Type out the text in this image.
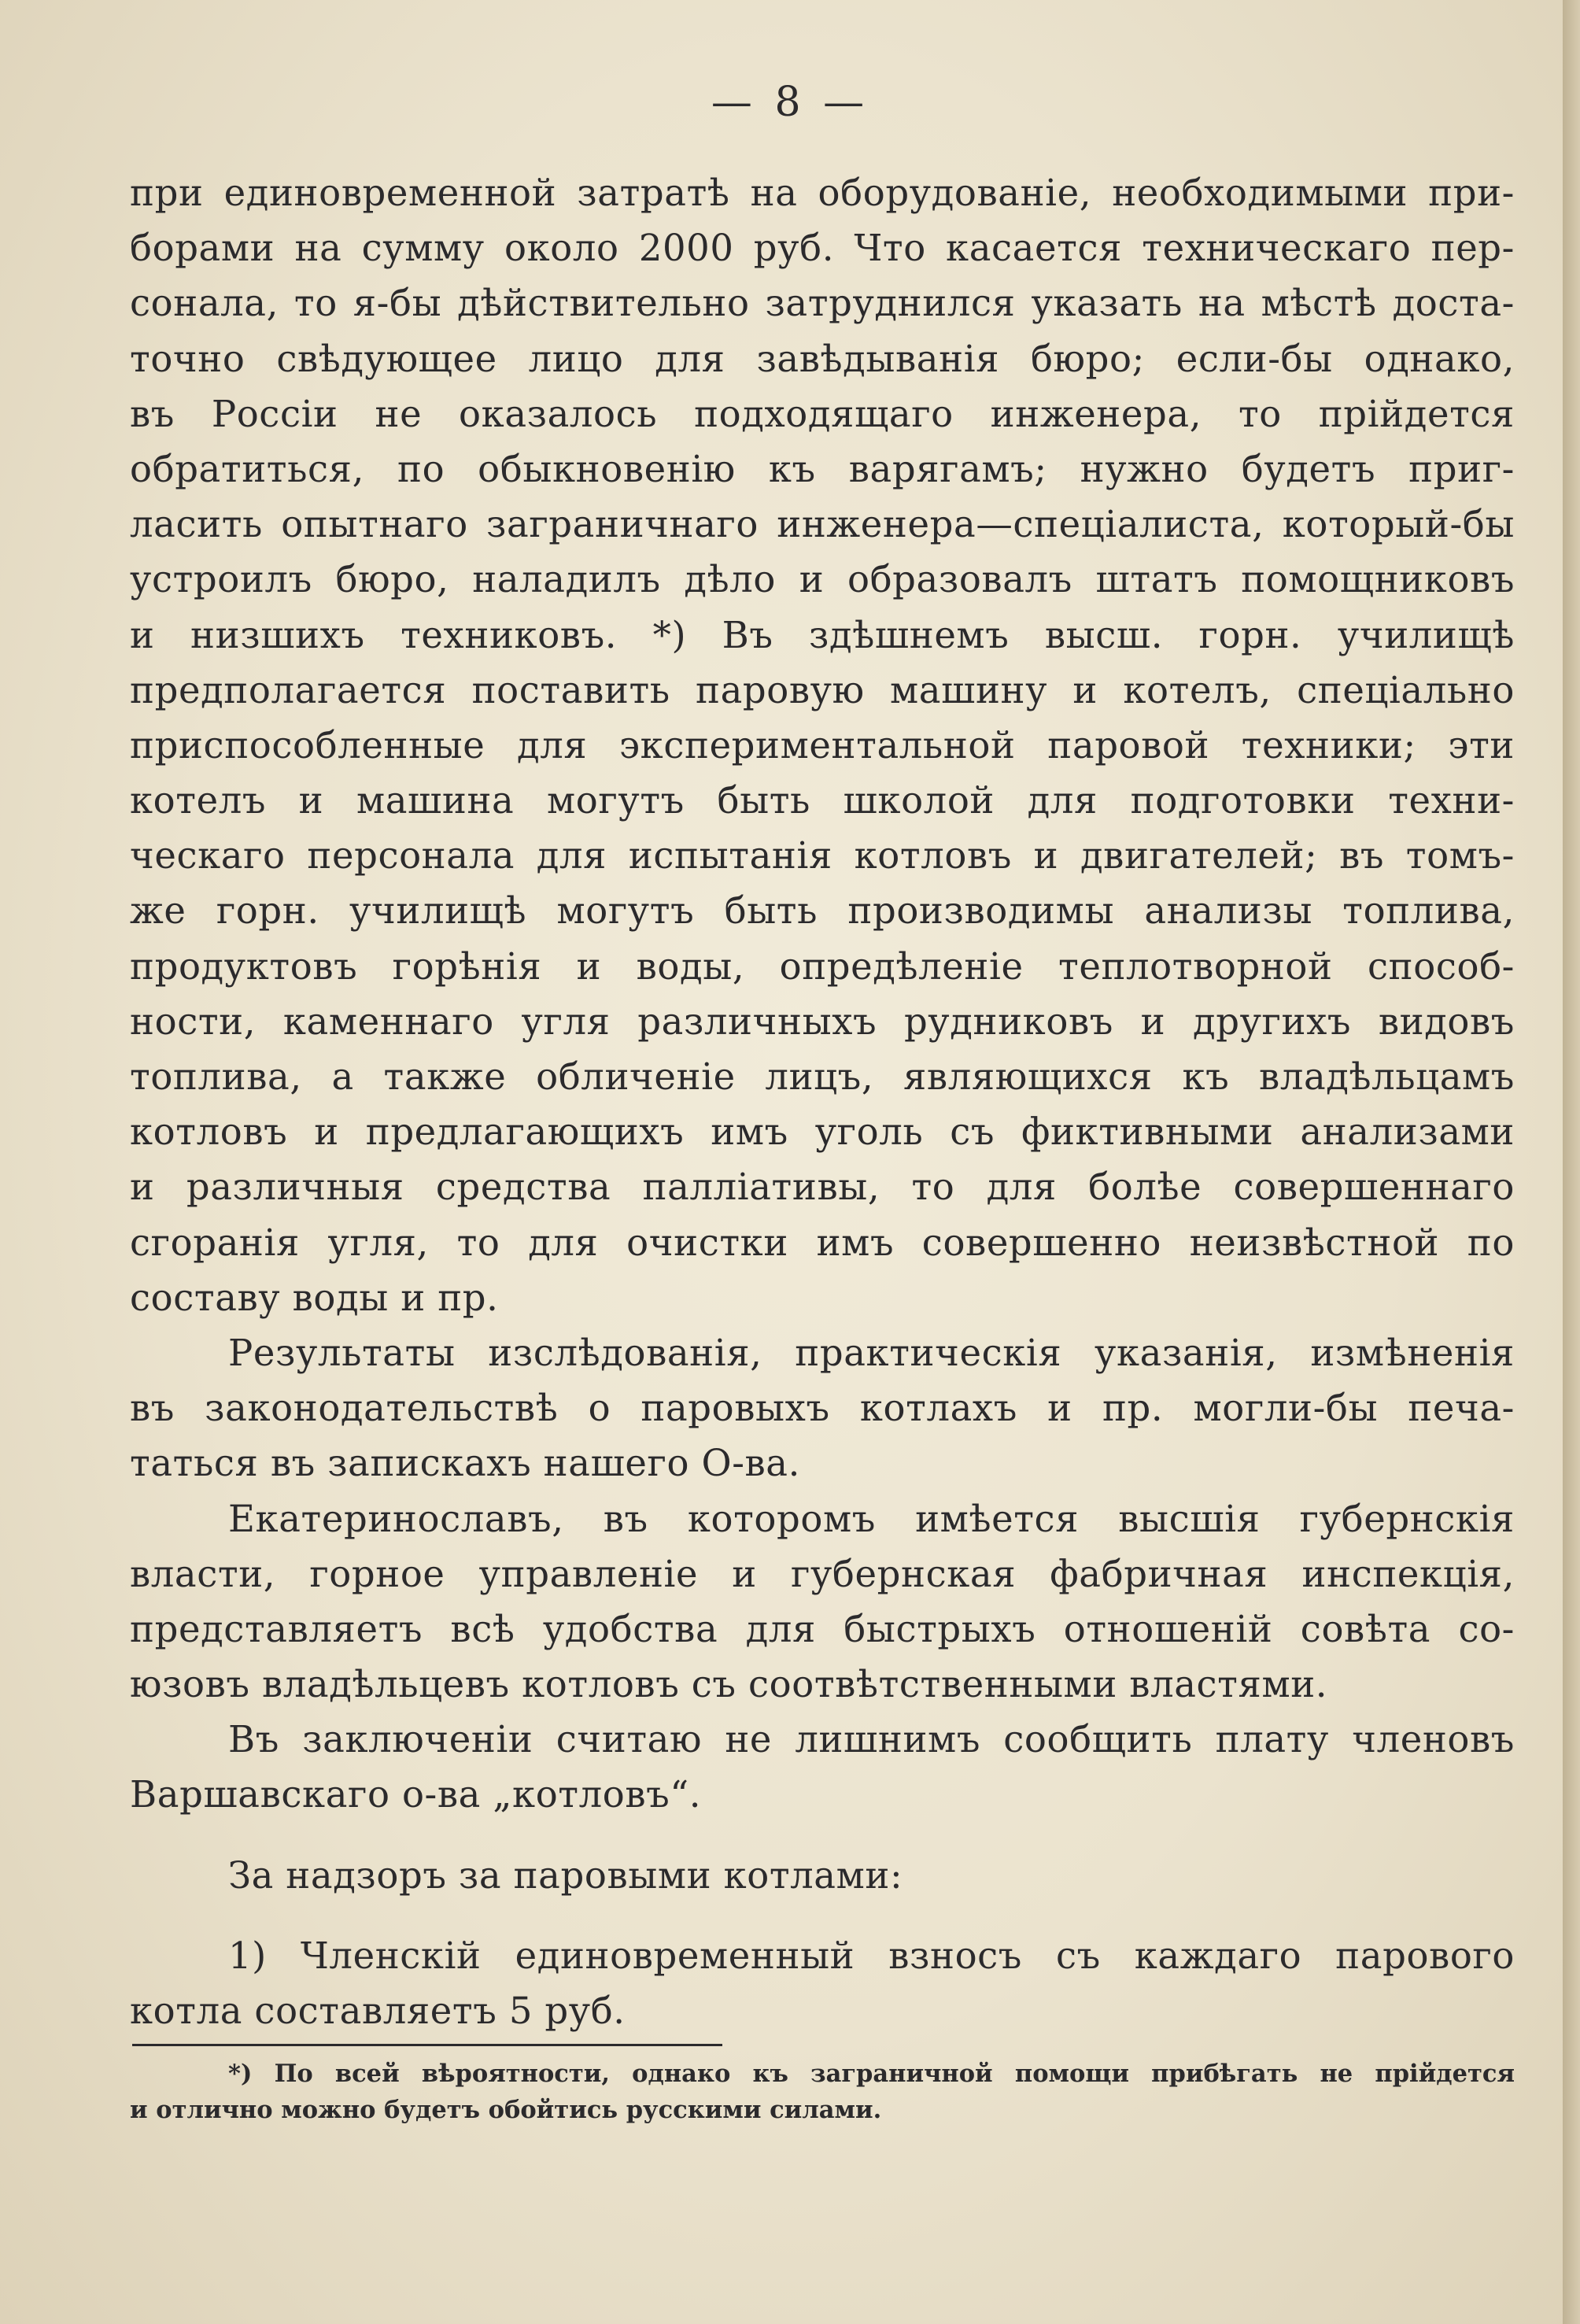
— 8 —
при единовременной затратѣ на оборудованіе, необходимыми при-
борами на сумму около 2000 руб. Что касается техническаго пер-
сонала, то я-бы дѣйствительно затруднился указать на мѣстѣ доста-
точно свѣдующее лицо для завѣдыванія бюро; если-бы однако,
въ Россіи не оказалось подходящаго инженера, то прійдется
обратиться, по обыкновенію къ варягамъ; нужно будетъ приг-
ласить опытнаго заграничнаго инженера—спеціалиста, который-бы
устроилъ бюро, наладилъ дѣло и образовалъ штатъ помощниковъ
и низшихъ техниковъ. *) Въ здѣшнемъ высш. горн. училищѣ
предполагается поставить паровую машину и котелъ, спеціально
приспособленные для экспериментальной паровой техники; эти
котелъ и машина могутъ быть школой для подготовки техни-
ческаго персонала для испытанія котловъ и двигателей; въ томъ-
же горн. училищѣ могутъ быть производимы анализы топлива,
продуктовъ горѣнія и воды, опредѣленіе теплотворной способ-
ности, каменнаго угля различныхъ рудниковъ и другихъ видовъ
топлива, а также обличеніе лицъ, являющихся къ владѣльцамъ
котловъ и предлагающихъ имъ уголь съ фиктивными анализами
и различныя средства палліативы, то для болѣе совершеннаго
сгоранія угля, то для очистки имъ совершенно неизвѣстной по
составу воды и пр.
Результаты изслѣдованія, практическія указанія, измѣненія
въ законодательствѣ о паровыхъ котлахъ и пр. могли-бы печа-
таться въ запискахъ нашего О-ва.
Екатеринославъ, въ которомъ имѣется высшія губернскія
власти, горное управленіе и губернская фабричная инспекція,
представляетъ всѣ удобства для быстрыхъ отношеній совѣта со-
юзовъ владѣльцевъ котловъ съ соотвѣтственными властями.
Въ заключеніи считаю не лишнимъ сообщить плату членовъ
Варшавскаго о-ва „котловъ“.
За надзоръ за паровыми котлами:
1) Членскій единовременный взносъ съ каждаго парового
котла составляетъ 5 руб.
*) По всей вѣроятности, однако къ заграничной помощи прибѣгать не прійдется
и отлично можно будетъ обойтись русскими силами.
